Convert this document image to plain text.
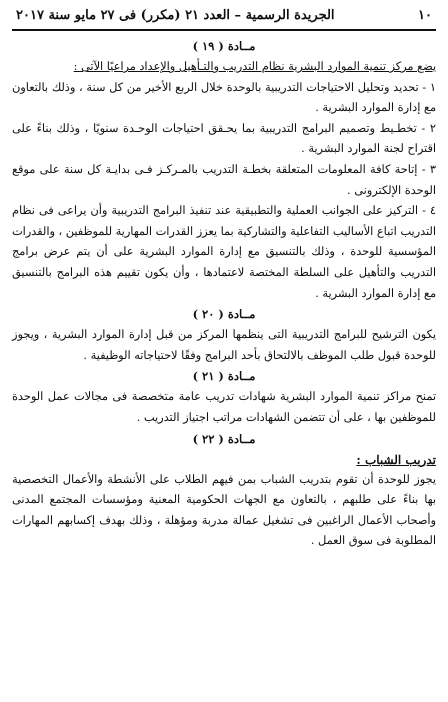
١٠
الجريدة الرسمية – العدد ٢١ (مكرر) فى ٢٧ مايو سنة ٢٠١٧
مــادة ( ١٩ )

يضع مركز تنمية الموارد البشرية نظام التدريب والتـأهيل والإعداد مراعيًا الآتى :

١ - تحديد وتحليل الاحتياجات التدريبية بالوحدة خلال الربع الأخير من كل سنة ، وذلك بالتعاون مع إدارة الموارد البشرية .

٢ - تخطـيط وتصميم البرامج التدريبية بما يحـقق احتياجات الوحـدة سنويًا ، وذلك بناءً على اقتراح لجنة الموارد البشرية .

٣ - إتاحة كافة المعلومات المتعلقة بخطـة التدريب بالمـركـز فـى بدايـة كل سنة على موقع الوحدة الإلكترونى .

٤ - التركيز على الجوانب العملية والتطبيقية عند تنفيذ البرامج التدريبية وأن يراعى فى نظام التدريب اتباع الأساليب التفاعلية والتشاركية بما يعزز القدرات المهارية للموظفين ، والقدرات المؤسسية للوحدة ، وذلك بالتنسيق مع إدارة الموارد البشرية على أن يتم عرض برامج التدريب والتأهيل على السلطة المختصة لاعتمادها ، وأن يكون تقييم هذه البرامج بالتنسيق مع إدارة الموارد البشرية .

مــادة ( ٢٠ )

يكون الترشيح للبرامج التدريبية التى ينظمها المركز من قبل إدارة الموارد البشرية ، ويجوز للوحدة قبول طلب الموظف بالالتحاق بأحد البرامج وفقًا لاحتياجاته الوظيفية .

مــادة ( ٢١ )

تمنح مراكز تنمية الموارد البشرية شهادات تدريب عامة متخصصة فى مجالات عمل الوحدة للموظفين بها ، على أن تتضمن الشهادات مراتب اجتياز التدريب .

مــادة ( ٢٢ )

تدريب الشباب :

يجوز للوحدة أن تقوم بتدريب الشباب بمن فيهم الطلاب على الأنشطة والأعمال التخصصية بها بناءً على طلبهم ، بالتعاون مع الجهات الحكومية المعنية ومؤسسات المجتمع المدنى وأصحاب الأعمال الراغبين فى تشغيل عمالة مدربة ومؤهلة ، وذلك بهدف إكسابهم المهارات المطلوبة فى سوق العمل .
